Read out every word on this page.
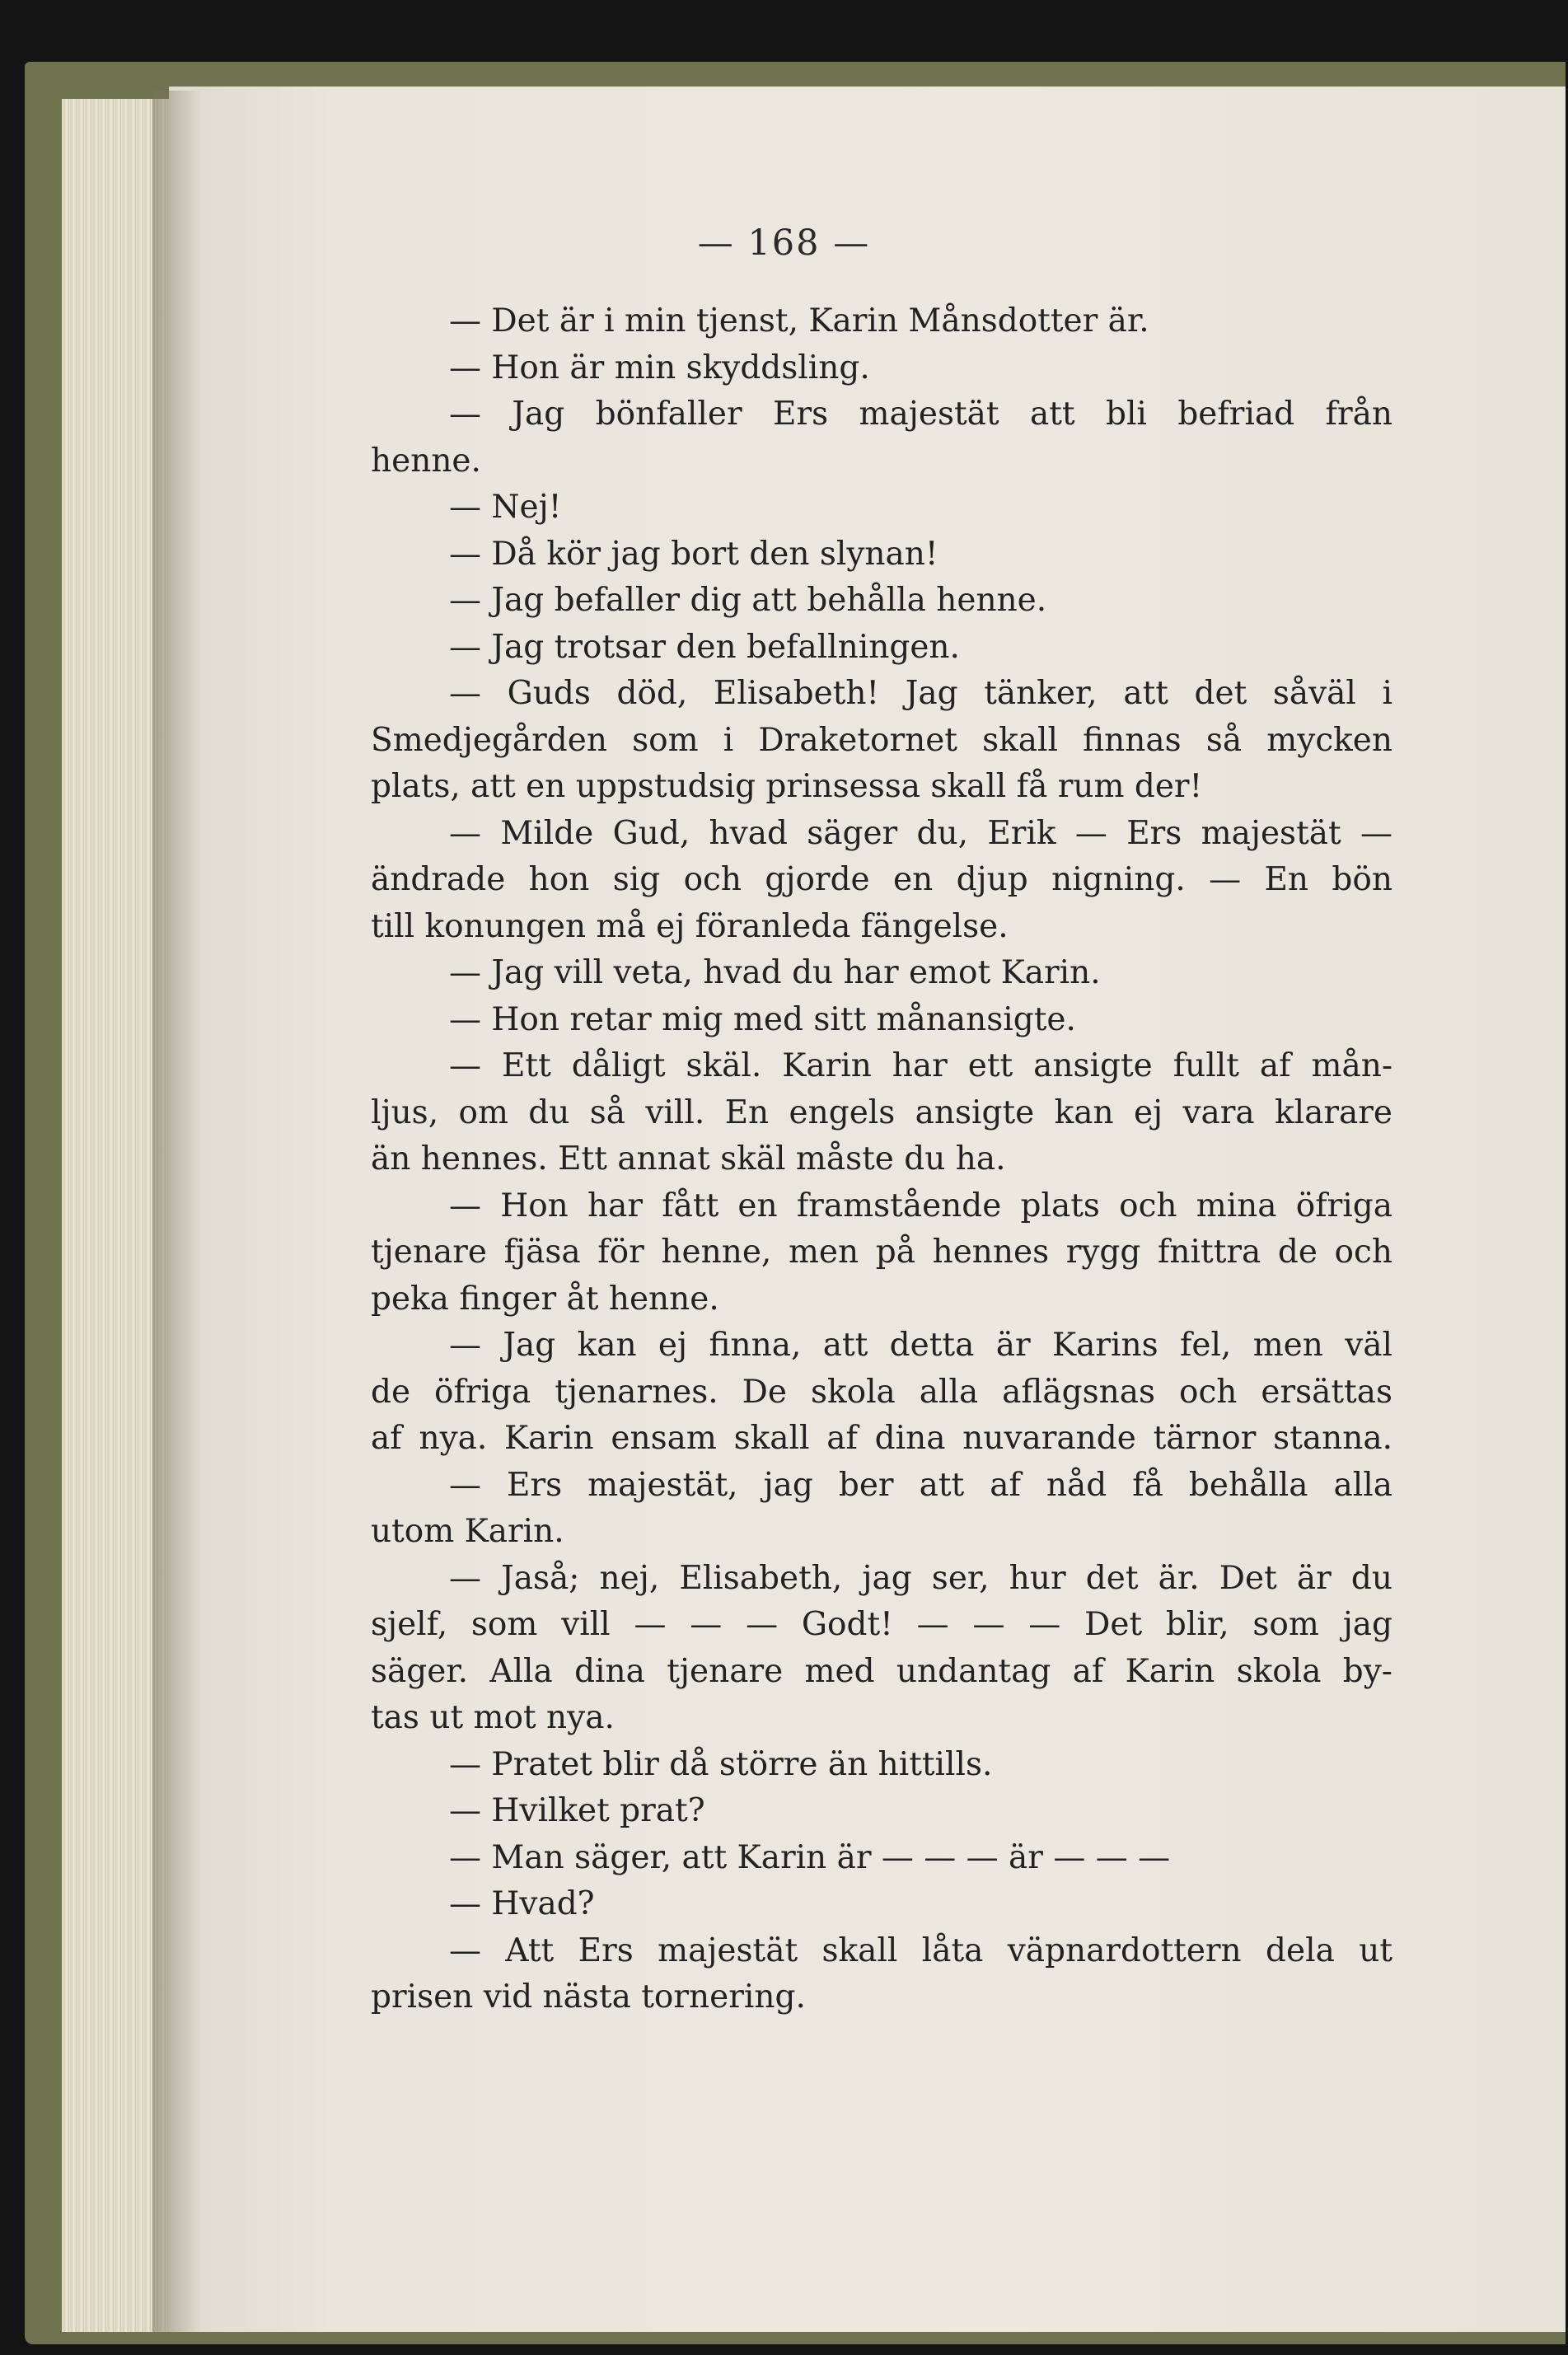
— 168 —
— Det är i min tjenst, Karin Månsdotter är.
— Hon är min skyddsling.
— Jag bönfaller Ers majestät att bli befriad från
henne.
— Nej!
— Då kör jag bort den slynan!
— Jag befaller dig att behålla henne.
— Jag trotsar den befallningen.
— Guds död, Elisabeth! Jag tänker, att det såväl i
Smedjegården som i Draketornet skall finnas så mycken
plats, att en uppstudsig prinsessa skall få rum der!
— Milde Gud, hvad säger du, Erik — Ers majestät —
ändrade hon sig och gjorde en djup nigning. — En bön
till konungen må ej föranleda fängelse.
— Jag vill veta, hvad du har emot Karin.
— Hon retar mig med sitt månansigte.
— Ett dåligt skäl. Karin har ett ansigte fullt af mån-
ljus, om du så vill. En engels ansigte kan ej vara klarare
än hennes. Ett annat skäl måste du ha.
— Hon har fått en framstående plats och mina öfriga
tjenare fjäsa för henne, men på hennes rygg fnittra de och
peka finger åt henne.
— Jag kan ej finna, att detta är Karins fel, men väl
de öfriga tjenarnes. De skola alla aflägsnas och ersättas
af nya. Karin ensam skall af dina nuvarande tärnor stanna.
— Ers majestät, jag ber att af nåd få behålla alla
utom Karin.
— Jaså; nej, Elisabeth, jag ser, hur det är. Det är du
sjelf, som vill — — — Godt! — — — Det blir, som jag
säger. Alla dina tjenare med undantag af Karin skola by-
tas ut mot nya.
— Pratet blir då större än hittills.
— Hvilket prat?
— Man säger, att Karin är — — — är — — —
— Hvad?
— Att Ers majestät skall låta väpnardottern dela ut
prisen vid nästa tornering.
